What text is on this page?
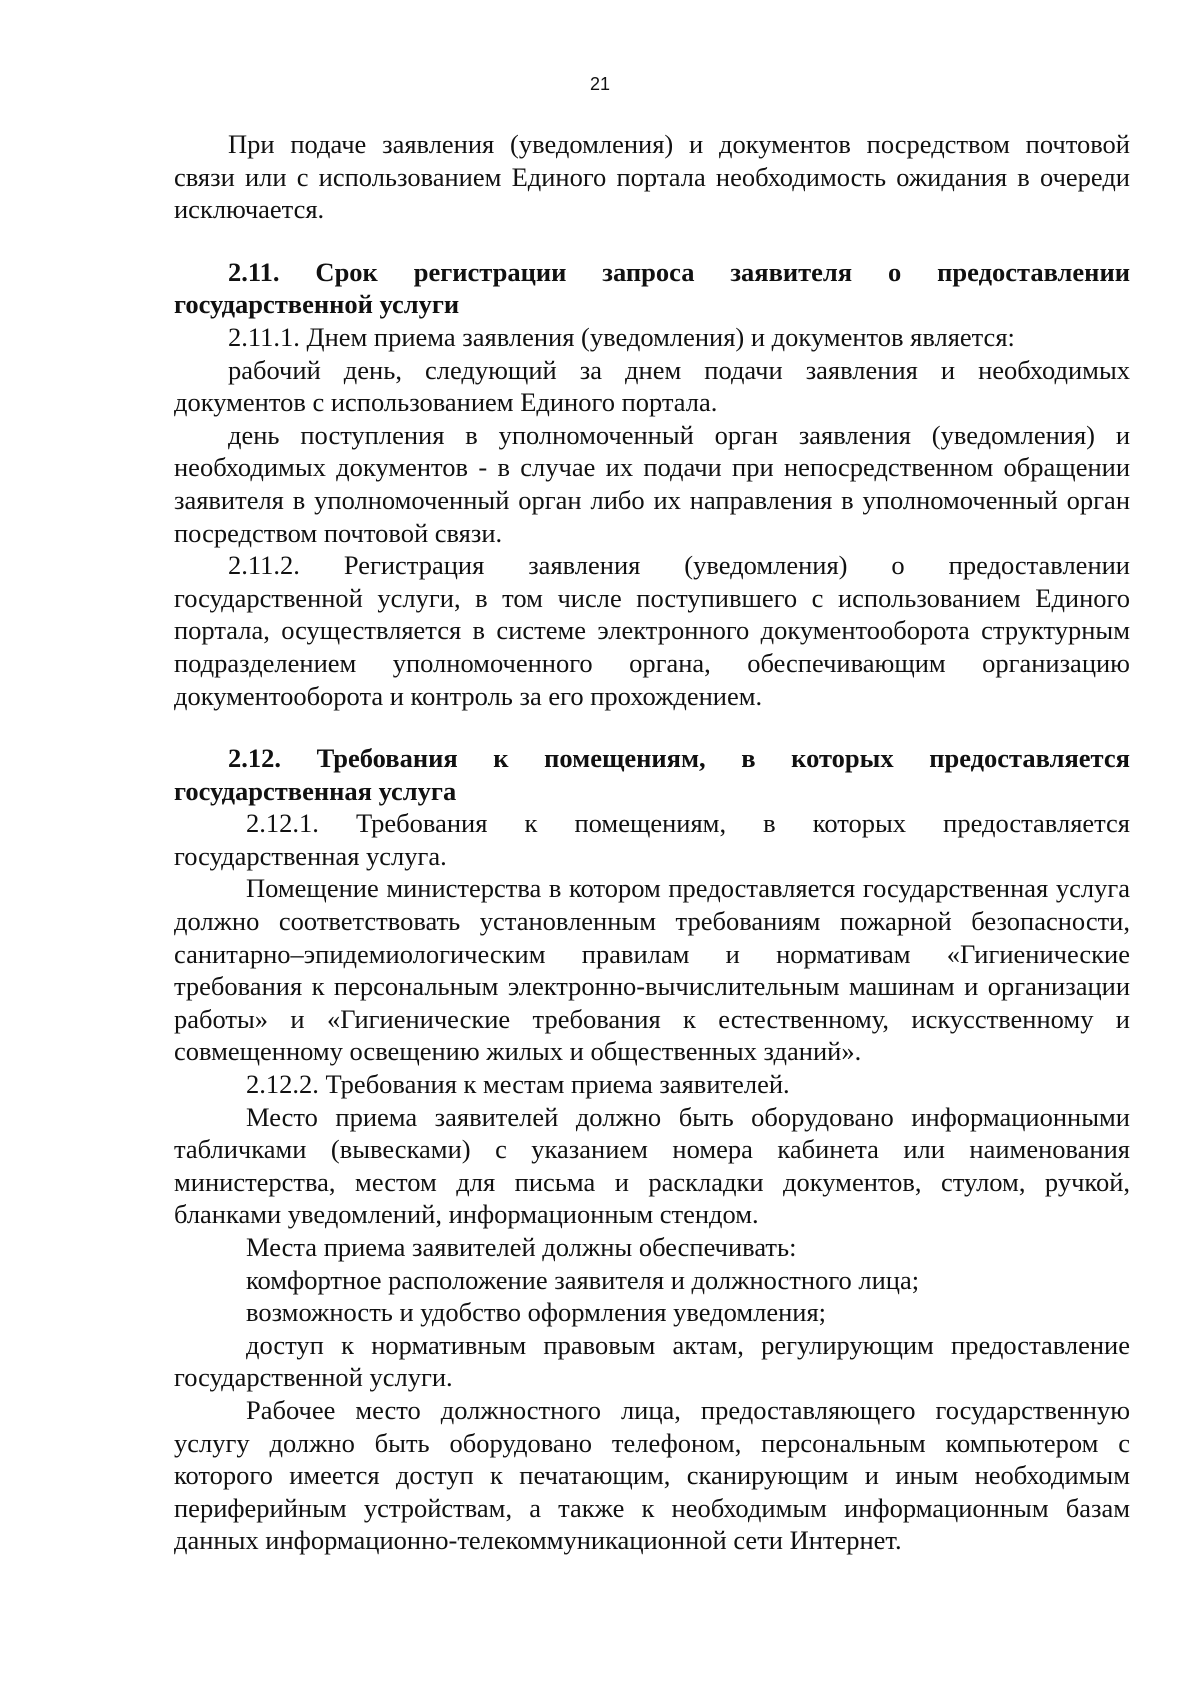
21

При подаче заявления (уведомления) и документов посредством почтовой связи или с использованием Единого портала необходимость ожидания в очереди исключается.

2.11. Срок регистрации запроса заявителя о предоставлении государственной услуги

2.11.1. Днем приема заявления (уведомления) и документов является:

рабочий день, следующий за днем подачи заявления и необходимых документов с использованием Единого портала.

день поступления в уполномоченный орган заявления (уведомления) и необходимых документов - в случае их подачи при непосредственном обращении заявителя в уполномоченный орган либо их направления в уполномоченный орган посредством почтовой связи.

2.11.2. Регистрация заявления (уведомления) о предоставлении государственной услуги, в том числе поступившего с использованием Единого портала, осуществляется в системе электронного документооборота структурным подразделением уполномоченного органа, обеспечивающим организацию документооборота и контроль за его прохождением.

2.12. Требования к помещениям, в которых предоставляется государственная услуга

2.12.1. Требования к помещениям, в которых предоставляется государственная услуга.

Помещение министерства в котором предоставляется государственная услуга должно соответствовать установленным требованиям пожарной безопасности, санитарно–эпидемиологическим правилам и нормативам «Гигиенические требования к персональным электронно-вычислительным машинам и организации работы» и «Гигиенические требования к естественному, искусственному и совмещенному освещению жилых и общественных зданий».

2.12.2. Требования к местам приема заявителей.

Место приема заявителей должно быть оборудовано информационными табличками (вывесками) с указанием номера кабинета или наименования министерства, местом для письма и раскладки документов, стулом, ручкой, бланками уведомлений, информационным стендом.

Места приема заявителей должны обеспечивать:

комфортное расположение заявителя и должностного лица;

возможность и удобство оформления уведомления;

доступ к нормативным правовым актам, регулирующим предоставление государственной услуги.

Рабочее место должностного лица, предоставляющего государственную услугу должно быть оборудовано телефоном, персональным компьютером с которого имеется доступ к печатающим, сканирующим и иным необходимым периферийным устройствам, а также к необходимым информационным базам данных информационно-телекоммуникационной сети Интернет.
